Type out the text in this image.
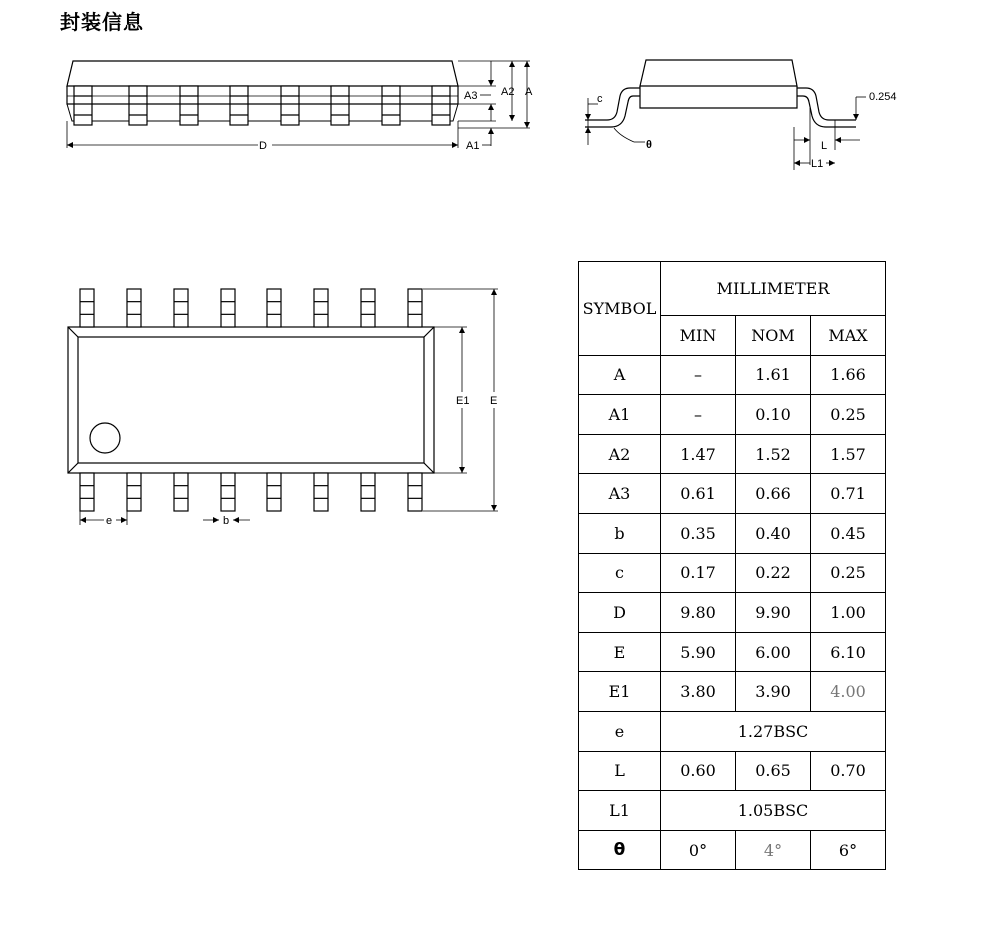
封装信息
A3 A2 A
A1
D
c
θ	L
L1
0.254
E1 E
e	b
SYMBOL	MILLIMETER		
	MIN	NOM	MAX
A	–	1.61	1.66
A1	–	0.10	0.25
A2	1.47	1.52	1.57
A3	0.61	0.66	0.71
b	0.35	0.40	0.45
c	0.17	0.22	0.25
D	9.80	9.90	1.00
E	5.90	6.00	6.10
E1	3.80	3.90	4.00
e	1.27BSC		
L	0.60	0.65	0.70
L1	1.05BSC		
θ	0°	4°	6°
